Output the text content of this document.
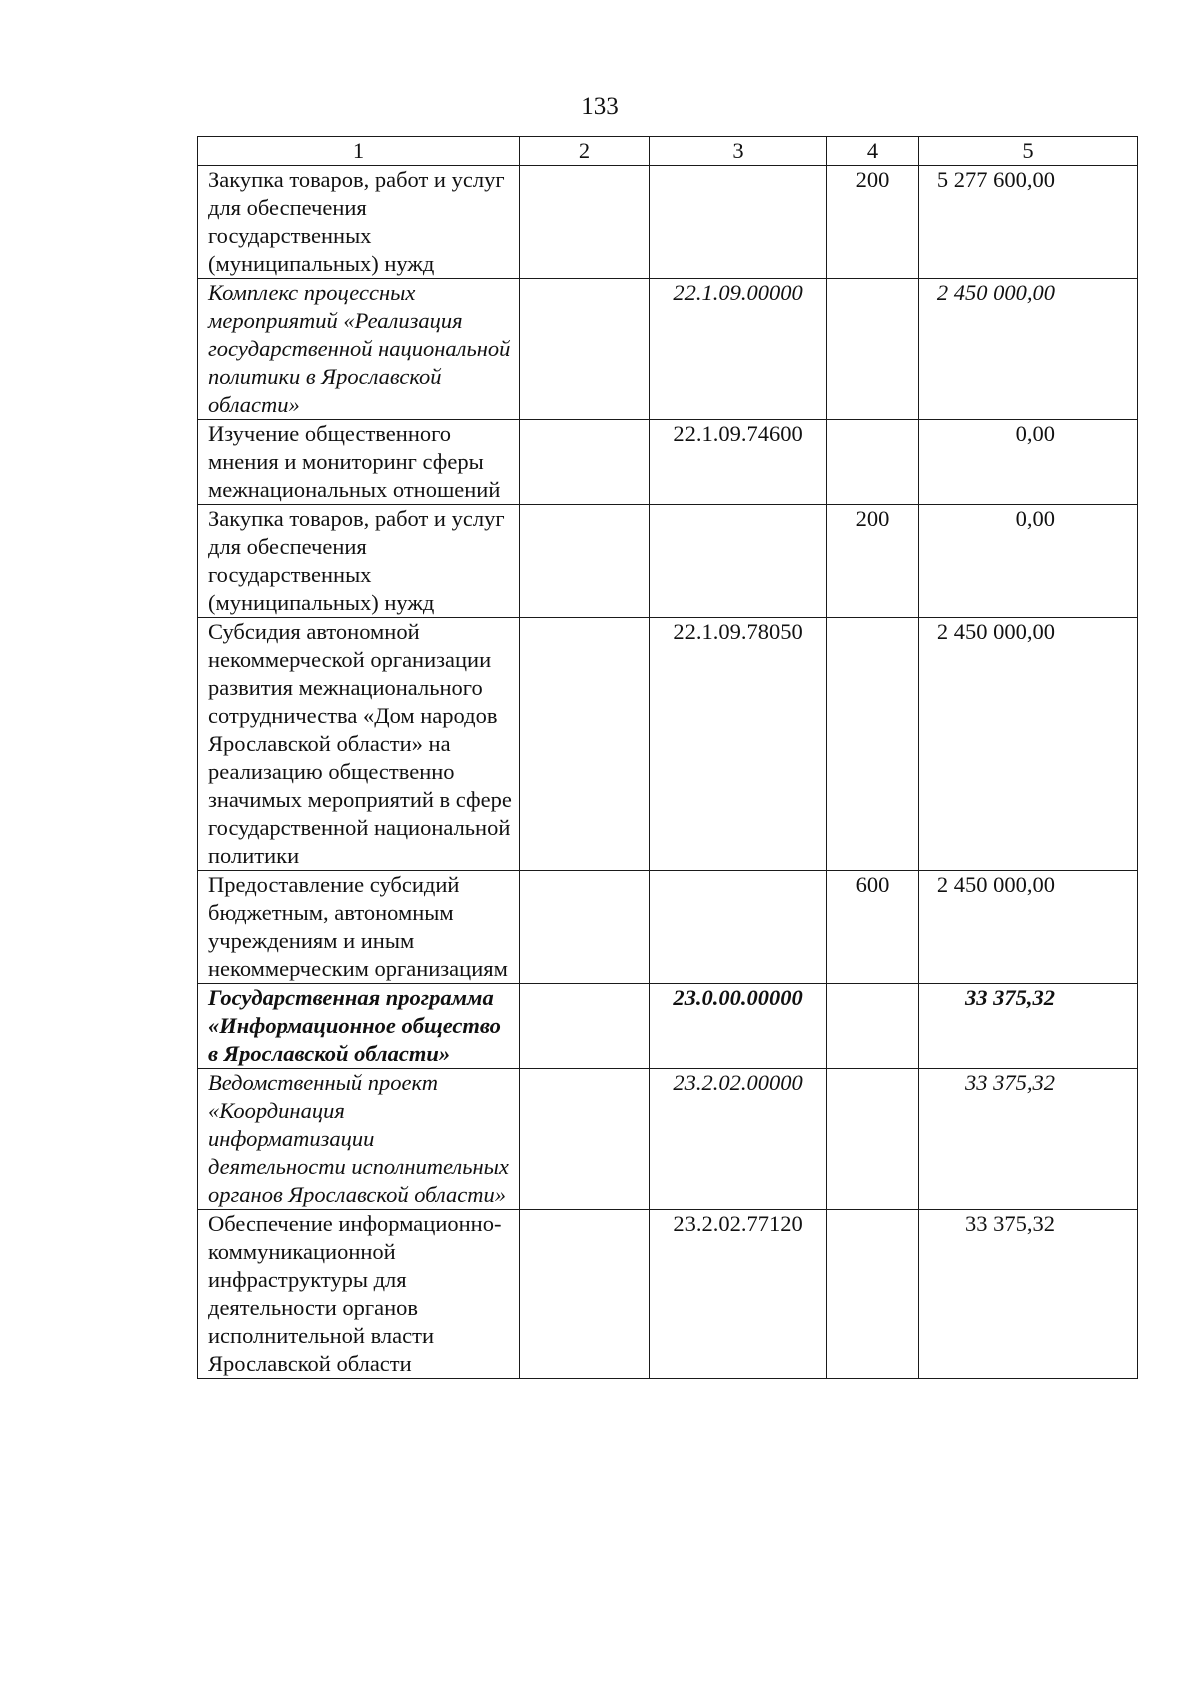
133
1	2	3	4	5
Закупка товаров, работ и услуг для обеспечения государственных (муниципальных) нужд			200	5 277 600,00
Комплекс процессных мероприятий «Реализация государственной национальной политики в Ярославской области»		22.1.09.00000		2 450 000,00
Изучение общественного мнения и мониторинг сферы межнациональных отношений		22.1.09.74600		0,00
Закупка товаров, работ и услуг для обеспечения государственных (муниципальных) нужд			200	0,00
Субсидия автономной некоммерческой организации развития межнационального сотрудничества «Дом народов Ярославской области» на реализацию общественно значимых мероприятий в сфере государственной национальной политики		22.1.09.78050		2 450 000,00
Предоставление субсидий бюджетным, автономным учреждениям и иным некоммерческим организациям			600	2 450 000,00
Государственная программа «Информационное общество в Ярославской области»		23.0.00.00000		33 375,32
Ведомственный проект «Координация информатизации деятельности исполнительных органов Ярославской области»		23.2.02.00000		33 375,32
Обеспечение информационно-коммуникационной инфраструктуры для деятельности органов исполнительной власти Ярославской области		23.2.02.77120		33 375,32
